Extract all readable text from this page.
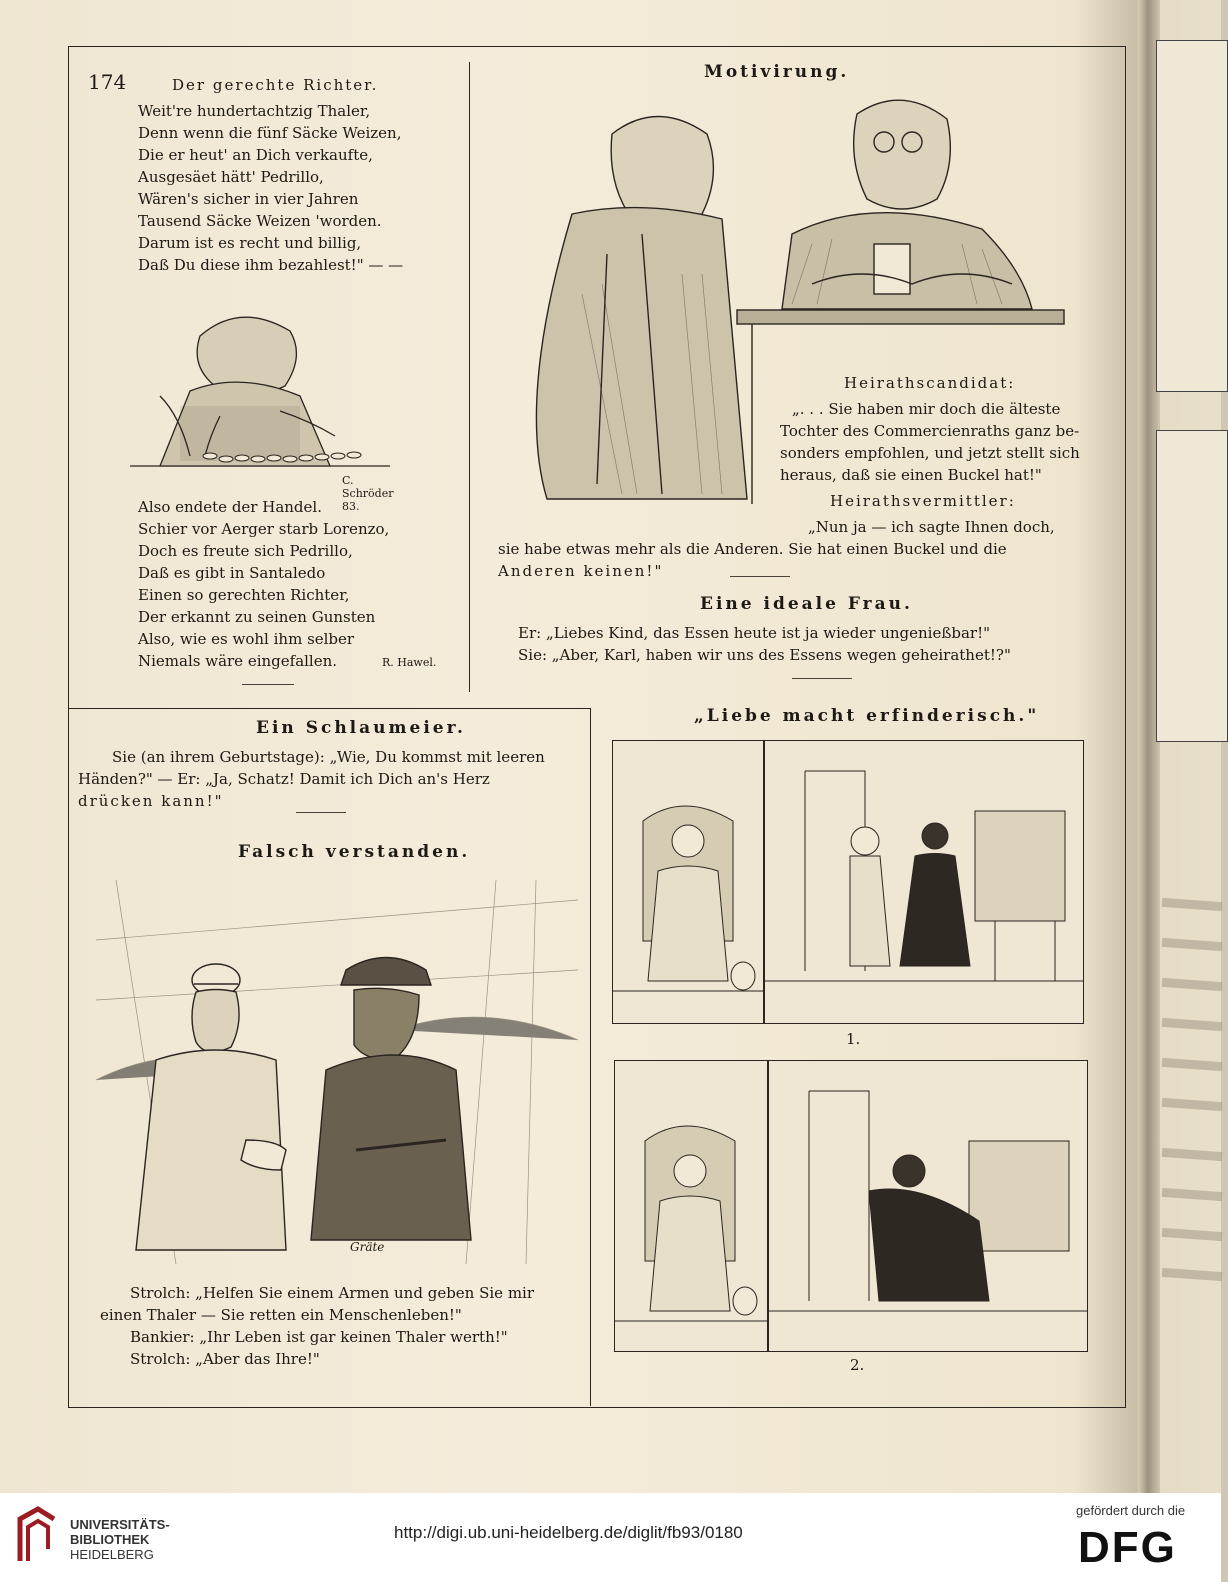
174	Der gerechte Richter.
Weit're hundertachtzig Thaler,
Denn wenn die fünf Säcke Weizen,
Die er heut' an Dich verkaufte,
Ausgesäet hätt' Pedrillo,
Wären's sicher in vier Jahren
Tausend Säcke Weizen 'worden.
Darum ist es recht und billig,
Daß Du diese ihm bezahlest!" — —
C. Schröder 83.
Also endete der Handel.
Schier vor Aerger starb Lorenzo,
Doch es freute sich Pedrillo,
Daß es gibt in Santaledo
Einen so gerechten Richter,
Der erkannt zu seinen Gunsten
Also, wie es wohl ihm selber
Niemals wäre eingefallen.	R. Hawel.
Motivirung.
Heirathscandidat:
„. . . Sie haben mir doch die älteste
Tochter des Commercienraths ganz be-
sonders empfohlen, und jetzt stellt sich
heraus, daß sie einen Buckel hat!"
Heirathsvermittler:
„Nun ja — ich sagte Ihnen doch,
sie habe etwas mehr als die Anderen. Sie hat einen Buckel und die
Anderen keinen!"
Eine ideale Frau.
Er: „Liebes Kind, das Essen heute ist ja wieder ungenießbar!"
Sie: „Aber, Karl, haben wir uns des Essens wegen geheirathet!?"
Ein Schlaumeier.
Sie (an ihrem Geburtstage): „Wie, Du kommst mit leeren
Händen?" — Er: „Ja, Schatz! Damit ich Dich an's Herz
drücken kann!"
Falsch verstanden.
Gräte
Strolch: „Helfen Sie einem Armen und geben Sie mir
einen Thaler — Sie retten ein Menschenleben!"
Bankier: „Ihr Leben ist gar keinen Thaler werth!"
Strolch: „Aber das Ihre!"
„Liebe macht erfinderisch."
1.
2.
UNIVERSITÄTS-
BIBLIOTHEK
HEIDELBERG
http://digi.ub.uni-heidelberg.de/diglit/fb93/0180
gefördert durch die
DFG
